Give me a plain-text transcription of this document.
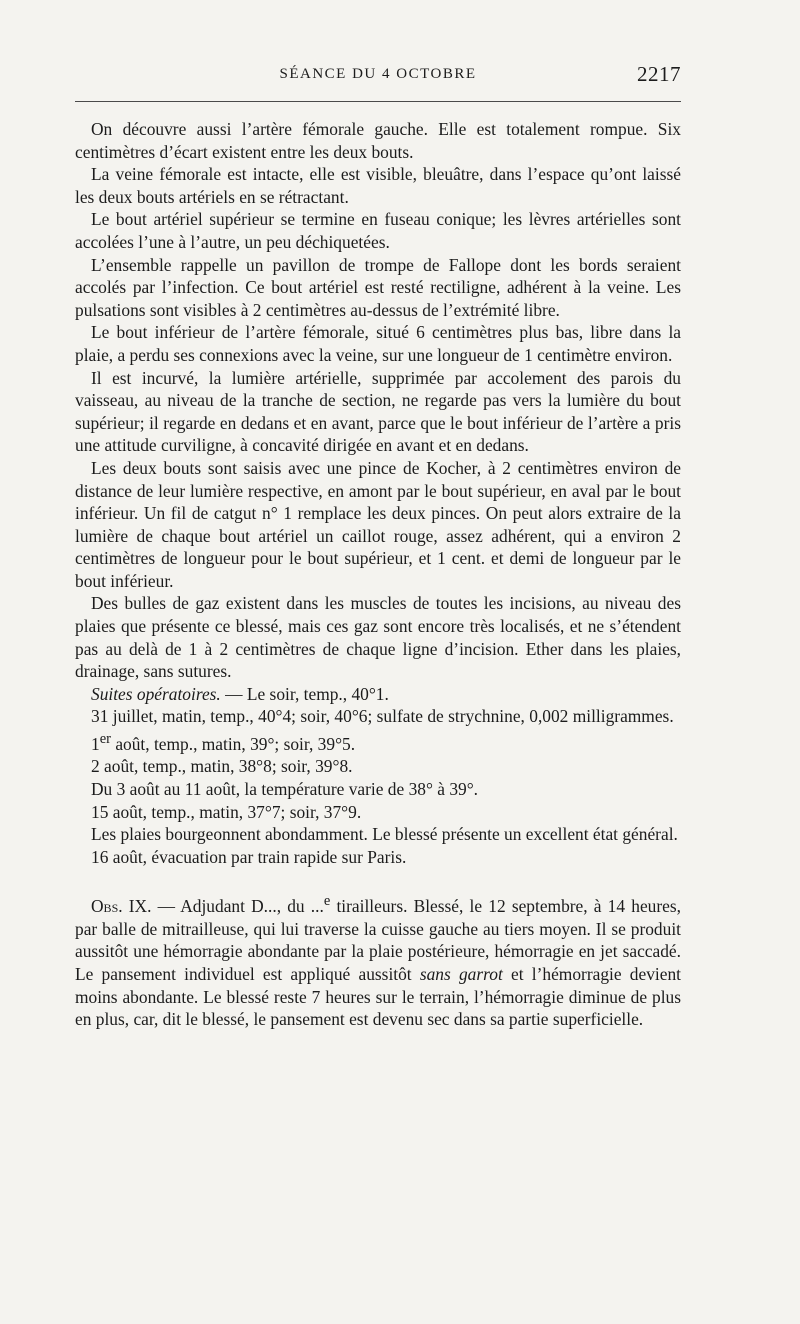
SÉANCE DU 4 OCTOBRE	2217

On découvre aussi l’artère fémorale gauche. Elle est totalement rompue. Six centimètres d’écart existent entre les deux bouts.

La veine fémorale est intacte, elle est visible, bleuâtre, dans l’espace qu’ont laissé les deux bouts artériels en se rétractant.

Le bout artériel supérieur se termine en fuseau conique; les lèvres artérielles sont accolées l’une à l’autre, un peu déchiquetées.

L’ensemble rappelle un pavillon de trompe de Fallope dont les bords seraient accolés par l’infection. Ce bout artériel est resté rectiligne, adhérent à la veine. Les pulsations sont visibles à 2 centimètres au-dessus de l’extrémité libre.

Le bout inférieur de l’artère fémorale, situé 6 centimètres plus bas, libre dans la plaie, a perdu ses connexions avec la veine, sur une longueur de 1 centimètre environ.

Il est incurvé, la lumière artérielle, supprimée par accolement des parois du vaisseau, au niveau de la tranche de section, ne regarde pas vers la lumière du bout supérieur; il regarde en dedans et en avant, parce que le bout inférieur de l’artère a pris une attitude curviligne, à concavité dirigée en avant et en dedans.

Les deux bouts sont saisis avec une pince de Kocher, à 2 centimètres environ de distance de leur lumière respective, en amont par le bout supérieur, en aval par le bout inférieur. Un fil de catgut n° 1 remplace les deux pinces. On peut alors extraire de la lumière de chaque bout artériel un caillot rouge, assez adhérent, qui a environ 2 centimètres de longueur pour le bout supérieur, et 1 cent. et demi de longueur par le bout inférieur.

Des bulles de gaz existent dans les muscles de toutes les incisions, au niveau des plaies que présente ce blessé, mais ces gaz sont encore très localisés, et ne s’étendent pas au delà de 1 à 2 centimètres de chaque ligne d’incision. Ether dans les plaies, drainage, sans sutures.

Suites opératoires. — Le soir, temp., 40°1.

31 juillet, matin, temp., 40°4; soir, 40°6; sulfate de strychnine, 0,002 milligrammes.

1er août, temp., matin, 39°; soir, 39°5.

2 août, temp., matin, 38°8; soir, 39°8.

Du 3 août au 11 août, la température varie de 38° à 39°.

15 août, temp., matin, 37°7; soir, 37°9.

Les plaies bourgeonnent abondamment. Le blessé présente un excellent état général.

16 août, évacuation par train rapide sur Paris.

Obs. IX. — Adjudant D..., du ...$^e$ tirailleurs. Blessé, le 12 septembre, à 14 heures, par balle de mitrailleuse, qui lui traverse la cuisse gauche au tiers moyen. Il se produit aussitôt une hémorragie abondante par la plaie postérieure, hémorragie en jet saccadé. Le pansement individuel est appliqué aussitôt sans garrot et l’hémorragie devient moins abondante. Le blessé reste 7 heures sur le terrain, l’hémorragie diminue de plus en plus, car, dit le blessé, le pansement est devenu sec dans sa partie superficielle.
